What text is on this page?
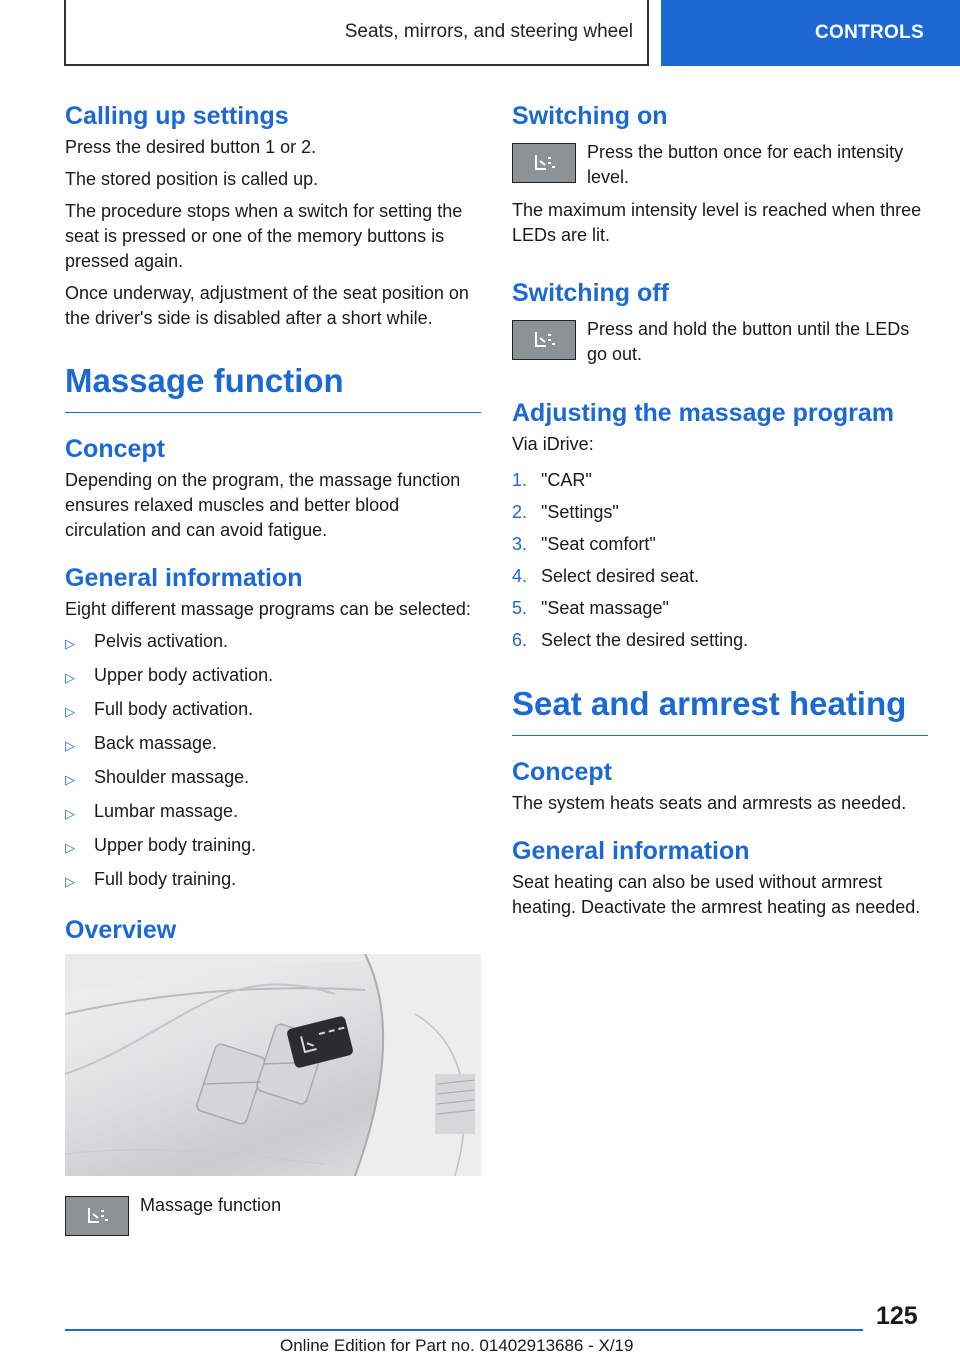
Seats, mirrors, and steering wheel	CONTROLS
Calling up settings

Press the desired button 1 or 2.

The stored position is called up.

The procedure stops when a switch for setting the seat is pressed or one of the memory buttons is pressed again.

Once underway, adjustment of the seat position on the driver's side is disabled after a short while.

Massage function
Concept

Depending on the program, the massage function ensures relaxed muscles and better blood circulation and can avoid fatigue.

General information

Eight different massage programs can be selected:

▷	Pelvis activation.
▷	Upper body activation.
▷	Full body activation.
▷	Back massage.
▷	Shoulder massage.
▷	Lumbar massage.
▷	Upper body training.
▷	Full body training.
Overview

Massage function

Switching on

Press the button once for each intensity level.

The maximum intensity level is reached when three LEDs are lit.

Switching off

Press and hold the button until the LEDs go out.

Adjusting the massage program

Via iDrive:

1. "CAR"
2. "Settings"
3. "Seat comfort"
4. Select desired seat.
5. "Seat massage"
6. Select the desired setting.
Seat and armrest heating
Concept

The system heats seats and armrests as needed.

General information

Seat heating can also be used without armrest heating. Deactivate the armrest heating as needed.

125
Online Edition for Part no. 01402913686 - X/19
